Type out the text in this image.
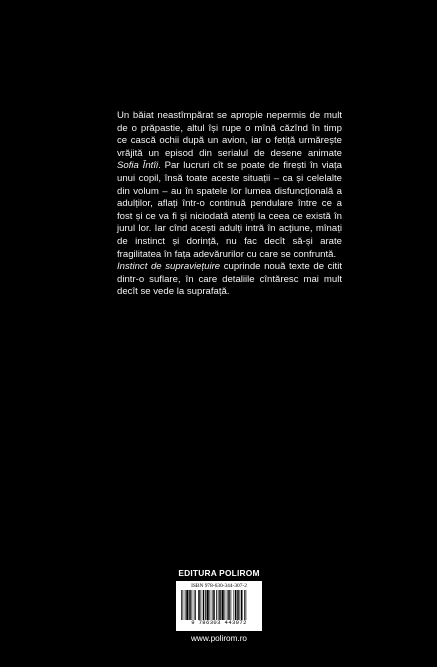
Un băiat neastîmpărat se apropie nepermis de mult de o prăpastie, altul își rupe o mînă căzînd în timp ce cască ochii după un avion, iar o fetiță urmărește vrăjită un episod din serialul de desene animate Sofia Întîi. Par lucruri cît se poate de firești în viața unui copil, însă toate aceste situații – ca și celelalte din volum – au în spatele lor lumea disfuncțională a adulților, aflați într-o continuă pendulare între ce a fost și ce va fi și niciodată atenți la ceea ce există în jurul lor. Iar cînd acești adulți intră în acțiune, mînați de instinct și dorință, nu fac decît să-și arate fragilitatea în fața adevărurilor cu care se confruntă.

Instinct de supraviețuire cuprinde nouă texte de citit dintr-o suflare, în care detaliile cîntăresc mai mult decît se vede la suprafață.

EDITURA POLIROM
ISBN 978-630-344-307-2
9 786303 443072
www.polirom.ro
